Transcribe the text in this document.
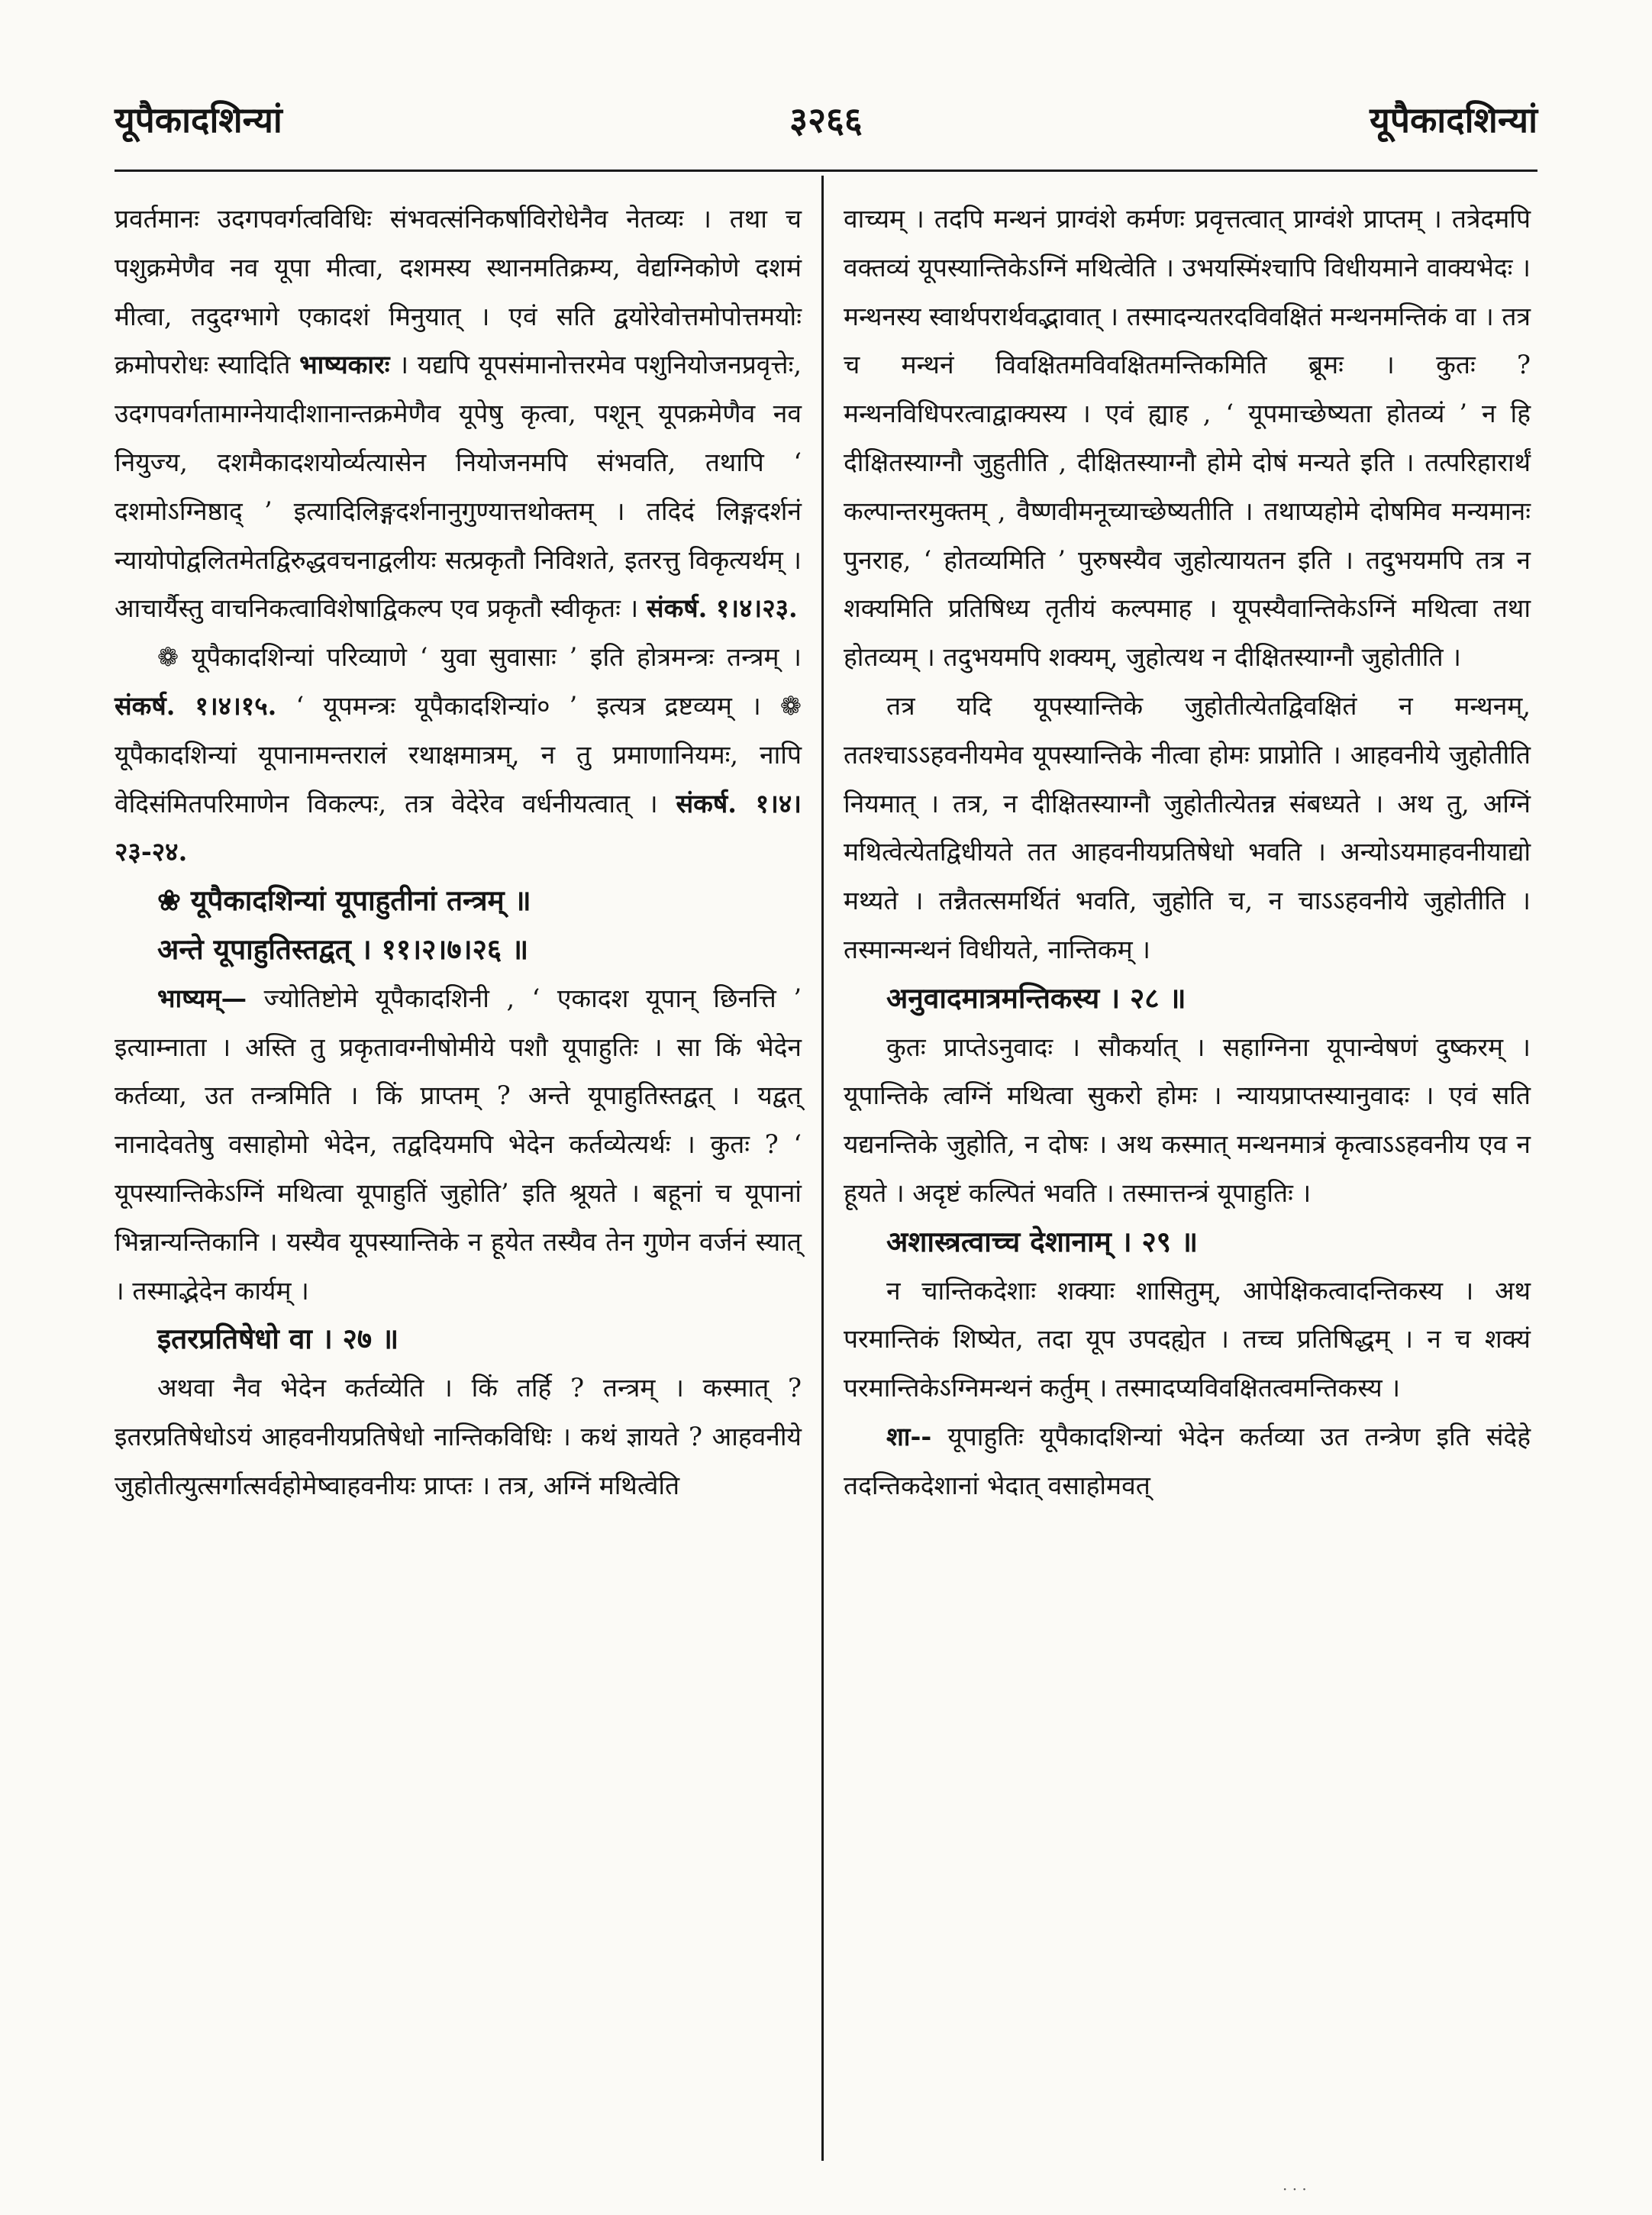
यूपैकादशिन्यां	३२६६	यूपैकादशिन्यां

प्रवर्तमानः उदगपवर्गत्वविधिः संभवत्संनिकर्षाविरोधेनैव नेतव्यः । तथा च पशुक्रमेणैव नव यूपा मीत्वा, दशमस्य स्थानमतिक्रम्य, वेद्यग्निकोणे दशमं मीत्वा, तदुदग्भागे एकादशं मिनुयात् । एवं सति द्वयोरेवोत्तमोपोत्तमयोः क्रमोपरोधः स्यादिति भाष्यकारः । यद्यपि यूपसंमानोत्तरमेव पशुनियोजनप्रवृत्तेः, उदगपवर्गतामाग्नेयादीशानान्तक्रमेणैव यूपेषु कृत्वा, पशून् यूपक्रमेणैव नव नियुज्य, दशमैकादशयोर्व्यत्यासेन नियोजनमपि संभवति, तथापि ‘ दशमोऽग्निष्ठाद् ’ इत्यादिलिङ्गदर्शनानुगुण्यात्तथोक्तम् । तदिदं लिङ्गदर्शनं न्यायोपोद्वलितमेतद्विरुद्धवचनाद्वलीयः सत्प्रकृतौ निविशते, इतरत्तु विकृत्यर्थम् । आचार्यैस्तु वाचनिकत्वाविशेषाद्विकल्प एव प्रकृतौ स्वीकृतः । संकर्ष. १।४।२३.

❁ यूपैकादशिन्यां परिव्याणे ‘ युवा सुवासाः ’ इति होत्रमन्त्रः तन्त्रम् । संकर्ष. १।४।१५. ‘ यूपमन्त्रः यूपैकादशिन्यां० ’ इत्यत्र द्रष्टव्यम् । ❁ यूपैकादशिन्यां यूपानामन्तरालं रथाक्षमात्रम्, न तु प्रमाणानियमः, नापि वेदिसंमितपरिमाणेन विकल्पः, तत्र वेदेरेव वर्धनीयत्वात् । संकर्ष. १।४।२३-२४.

❀ यूपैकादशिन्यां यूपाहुतीनां तन्त्रम् ॥

अन्ते यूपाहुतिस्तद्वत् । ११।२।७।२६ ॥

भाष्यम्— ज्योतिष्टोमे यूपैकादशिनी , ‘ एकादश यूपान् छिनत्ति ’ इत्याम्नाता । अस्ति तु प्रकृतावग्नीषोमीये पशौ यूपाहुतिः । सा किं भेदेन कर्तव्या, उत तन्त्रमिति । किं प्राप्तम् ? अन्ते यूपाहुतिस्तद्वत् । यद्वत् नानादेवतेषु वसाहोमो भेदेन, तद्वदियमपि भेदेन कर्तव्येत्यर्थः । कुतः ? ‘ यूपस्यान्तिकेऽग्निं मथित्वा यूपाहुतिं जुहोति’ इति श्रूयते । बहूनां च यूपानां भिन्नान्यन्तिकानि । यस्यैव यूपस्यान्तिके न हूयेत तस्यैव तेन गुणेन वर्जनं स्यात् । तस्माद्भेदेन कार्यम् ।

इतरप्रतिषेधो वा । २७ ॥

अथवा नैव भेदेन कर्तव्येति । किं तर्हि ? तन्त्रम् । कस्मात् ? इतरप्रतिषेधोऽयं आहवनीयप्रतिषेधो नान्तिकविधिः । कथं ज्ञायते ? आहवनीये जुहोतीत्युत्सर्गात्सर्वहोमेष्वाहवनीयः प्राप्तः । तत्र, अग्निं मथित्वेति

वाच्यम् । तदपि मन्थनं प्राग्वंशे कर्मणः प्रवृत्तत्वात् प्राग्वंशे प्राप्तम् । तत्रेदमपि वक्तव्यं यूपस्यान्तिकेऽग्निं मथित्वेति । उभयस्मिंश्चापि विधीयमाने वाक्यभेदः । मन्थनस्य स्वार्थपरार्थवद्भावात् । तस्मादन्यतरदविवक्षितं मन्थनमन्तिकं वा । तत्र च मन्थनं विवक्षितमविवक्षितमन्तिकमिति ब्रूमः । कुतः ? मन्थनविधिपरत्वाद्वाक्यस्य । एवं ह्याह , ‘ यूपमाच्छेष्यता होतव्यं ’ न हि दीक्षितस्याग्नौ जुहुतीति , दीक्षितस्याग्नौ होमे दोषं मन्यते इति । तत्परिहारार्थं कल्पान्तरमुक्तम् , वैष्णवीमनूच्याच्छेष्यतीति । तथाप्यहोमे दोषमिव मन्यमानः पुनराह, ‘ होतव्यमिति ’ पुरुषस्यैव जुहोत्यायतन इति । तदुभयमपि तत्र न शक्यमिति प्रतिषिध्य तृतीयं कल्पमाह । यूपस्यैवान्तिकेऽग्निं मथित्वा तथा होतव्यम् । तदुभयमपि शक्यम्, जुहोत्यथ न दीक्षितस्याग्नौ जुहोतीति ।

तत्र यदि यूपस्यान्तिके जुहोतीत्येतद्विवक्षितं न मन्थनम्, ततश्चाऽऽहवनीयमेव यूपस्यान्तिके नीत्वा होमः प्राप्नोति । आहवनीये जुहोतीति नियमात् । तत्र, न दीक्षितस्याग्नौ जुहोतीत्येतन्न संबध्यते । अथ तु, अग्निं मथित्वेत्येतद्विधीयते तत आहवनीयप्रतिषेधो भवति । अन्योऽयमाहवनीयाद्यो मथ्यते । तन्नैतत्समर्थितं भवति, जुहोति च, न चाऽऽहवनीये जुहोतीति । तस्मान्मन्थनं विधीयते, नान्तिकम् ।

अनुवादमात्रमन्तिकस्य । २८ ॥

कुतः प्राप्तेऽनुवादः । सौकर्यात् । सहाग्निना यूपान्वेषणं दुष्करम् । यूपान्तिके त्वग्निं मथित्वा सुकरो होमः । न्यायप्राप्तस्यानुवादः । एवं सति यद्यनन्तिके जुहोति, न दोषः । अथ कस्मात् मन्थनमात्रं कृत्वाऽऽहवनीय एव न हूयते । अदृष्टं कल्पितं भवति । तस्मात्तन्त्रं यूपाहुतिः ।

अशास्त्रत्वाच्च देशानाम् । २९ ॥

न चान्तिकदेशाः शक्याः शासितुम्, आपेक्षिकत्वादन्तिकस्य । अथ परमान्तिकं शिष्येत, तदा यूप उपदह्येत । तच्च प्रतिषिद्धम् । न च शक्यं परमान्तिकेऽग्निमन्थनं कर्तुम् । तस्मादप्यविवक्षितत्वमन्तिकस्य ।

शा-- यूपाहुतिः यूपैकादशिन्यां भेदेन कर्तव्या उत तन्त्रेण इति संदेहे तदन्तिकदेशानां भेदात् वसाहोमवत्

· · ·
